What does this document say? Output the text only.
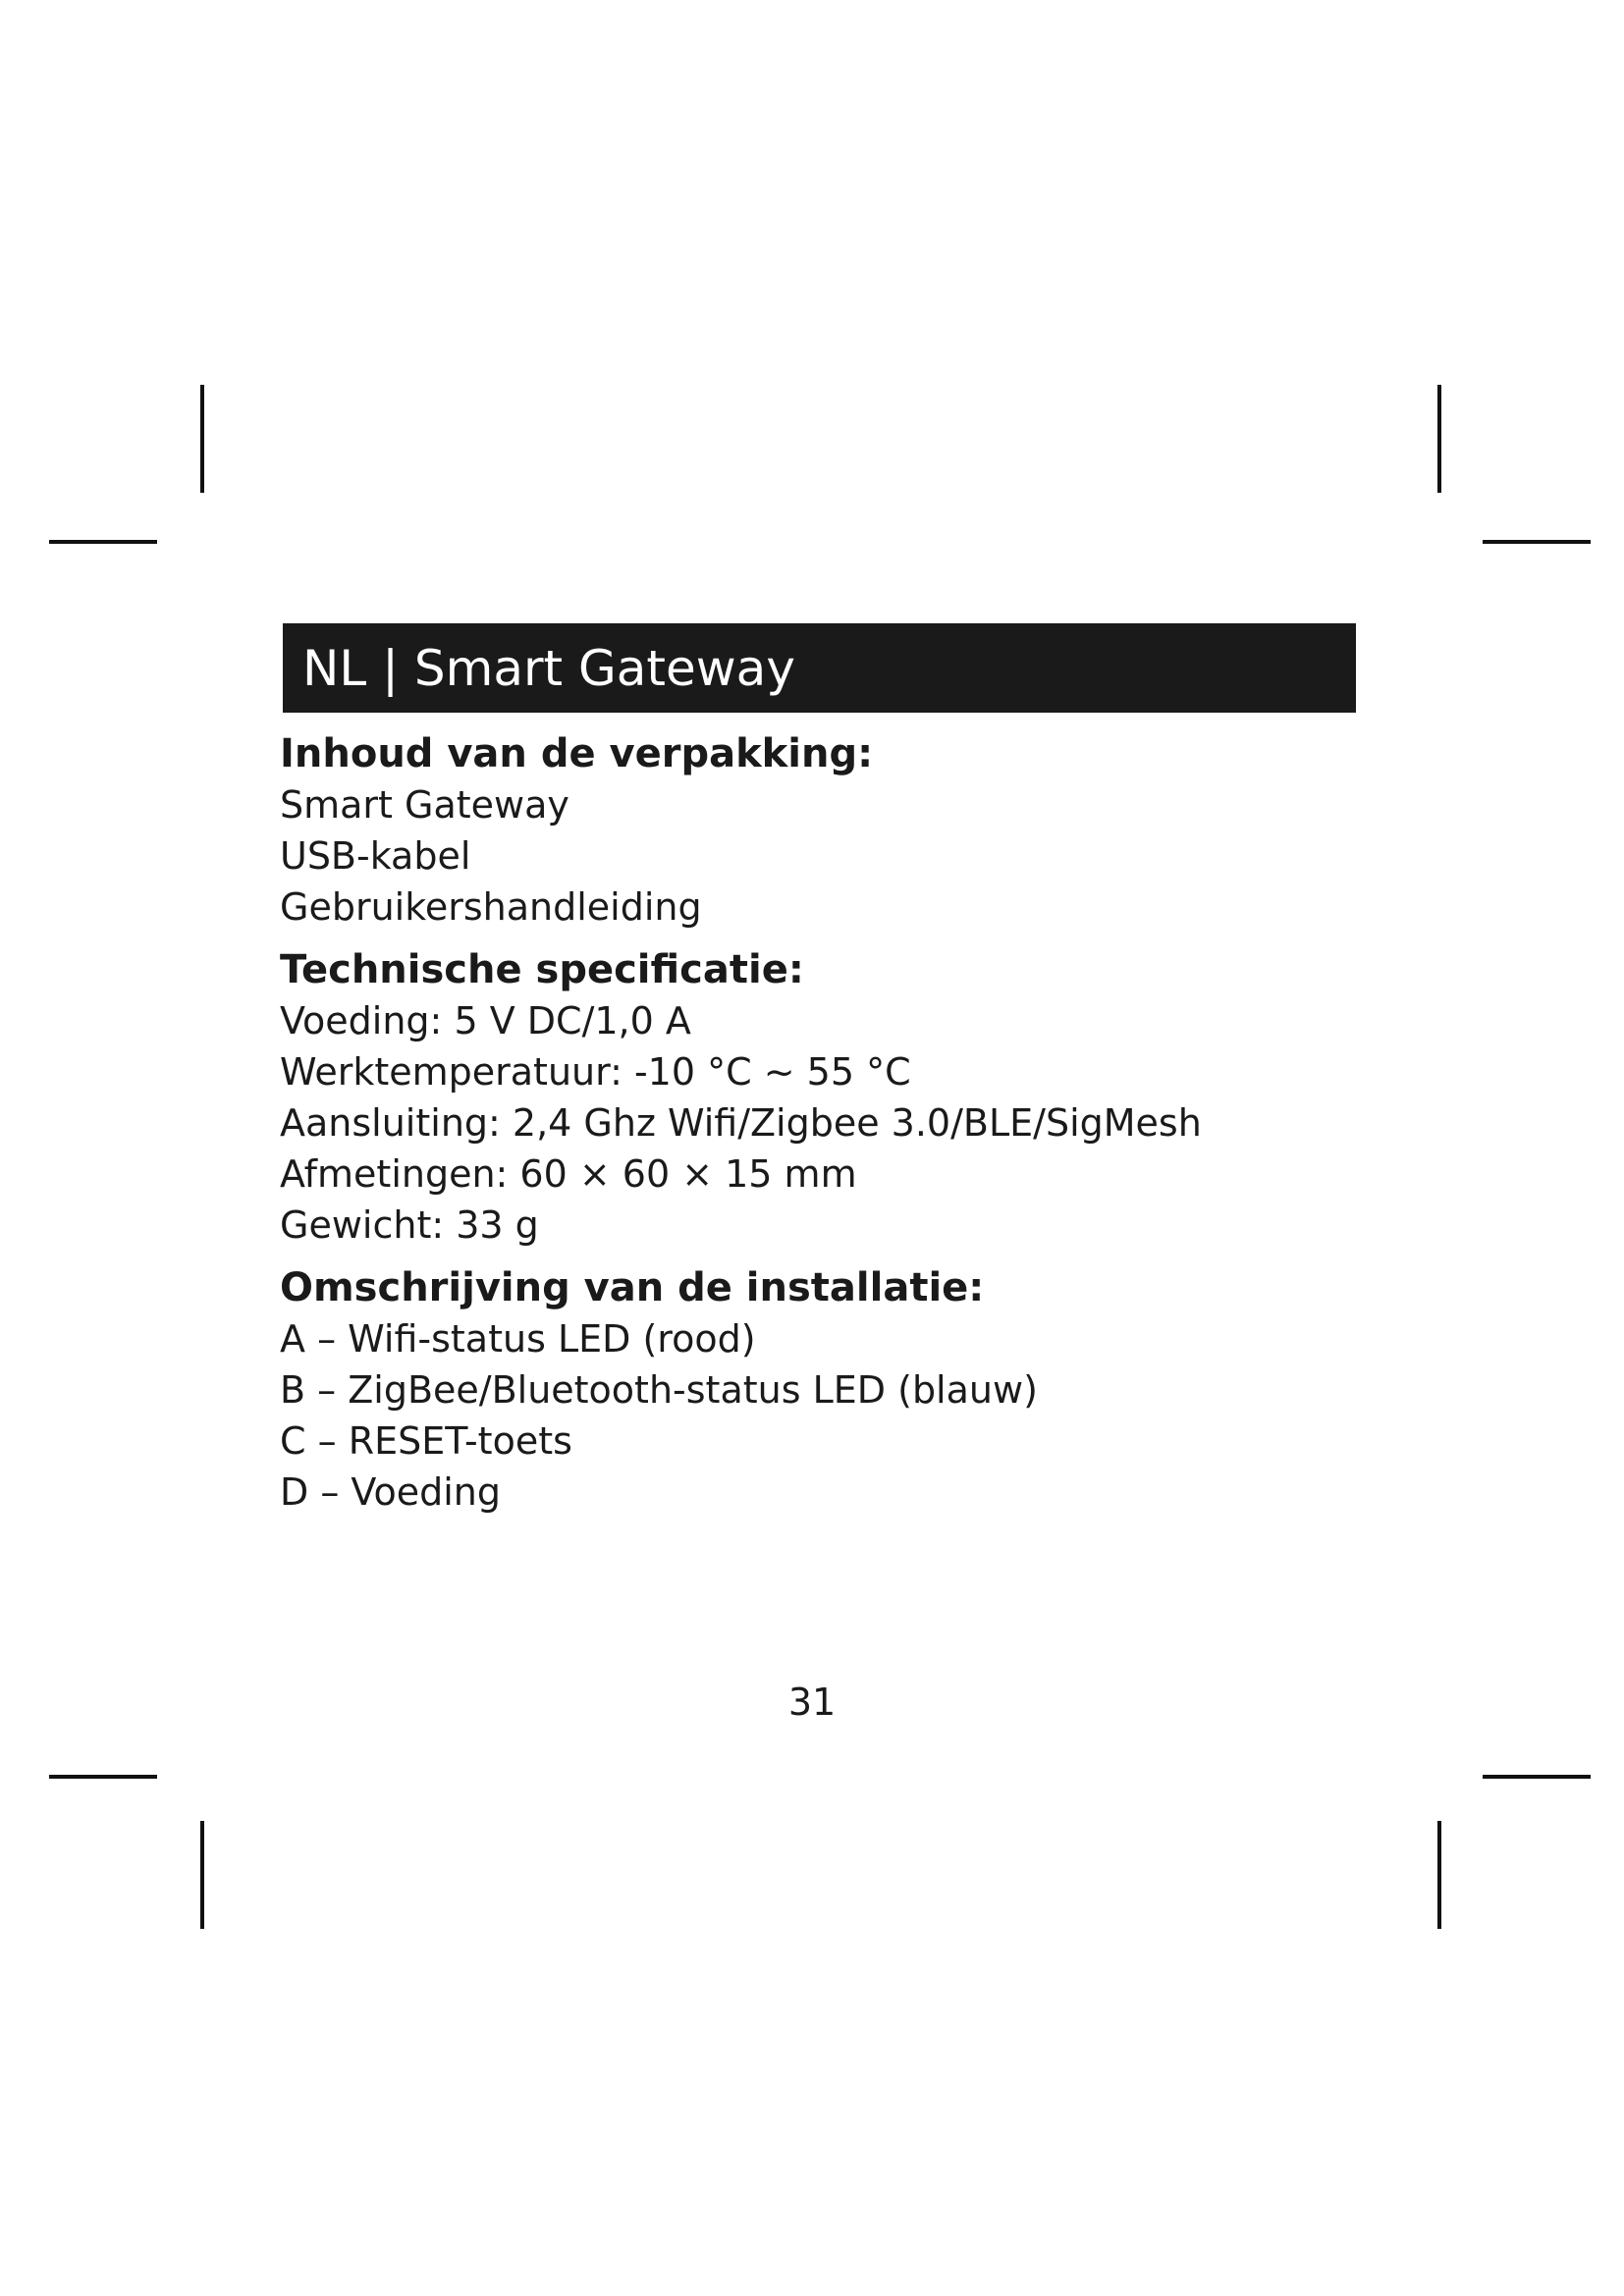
NL | Smart Gateway
Inhoud van de verpakking:
Smart Gateway
USB-kabel
Gebruikershandleiding
Technische specificatie:
Voeding: 5 V DC/1,0 A
Werktemperatuur: -10 °C ~ 55 °C
Aansluiting: 2,4 Ghz Wifi/Zigbee 3.0/BLE/SigMesh
Afmetingen: 60 × 60 × 15 mm
Gewicht: 33 g
Omschrijving van de installatie:
A – Wifi-status LED (rood)
B – ZigBee/Bluetooth-status LED (blauw)
C – RESET-toets
D – Voeding
31
